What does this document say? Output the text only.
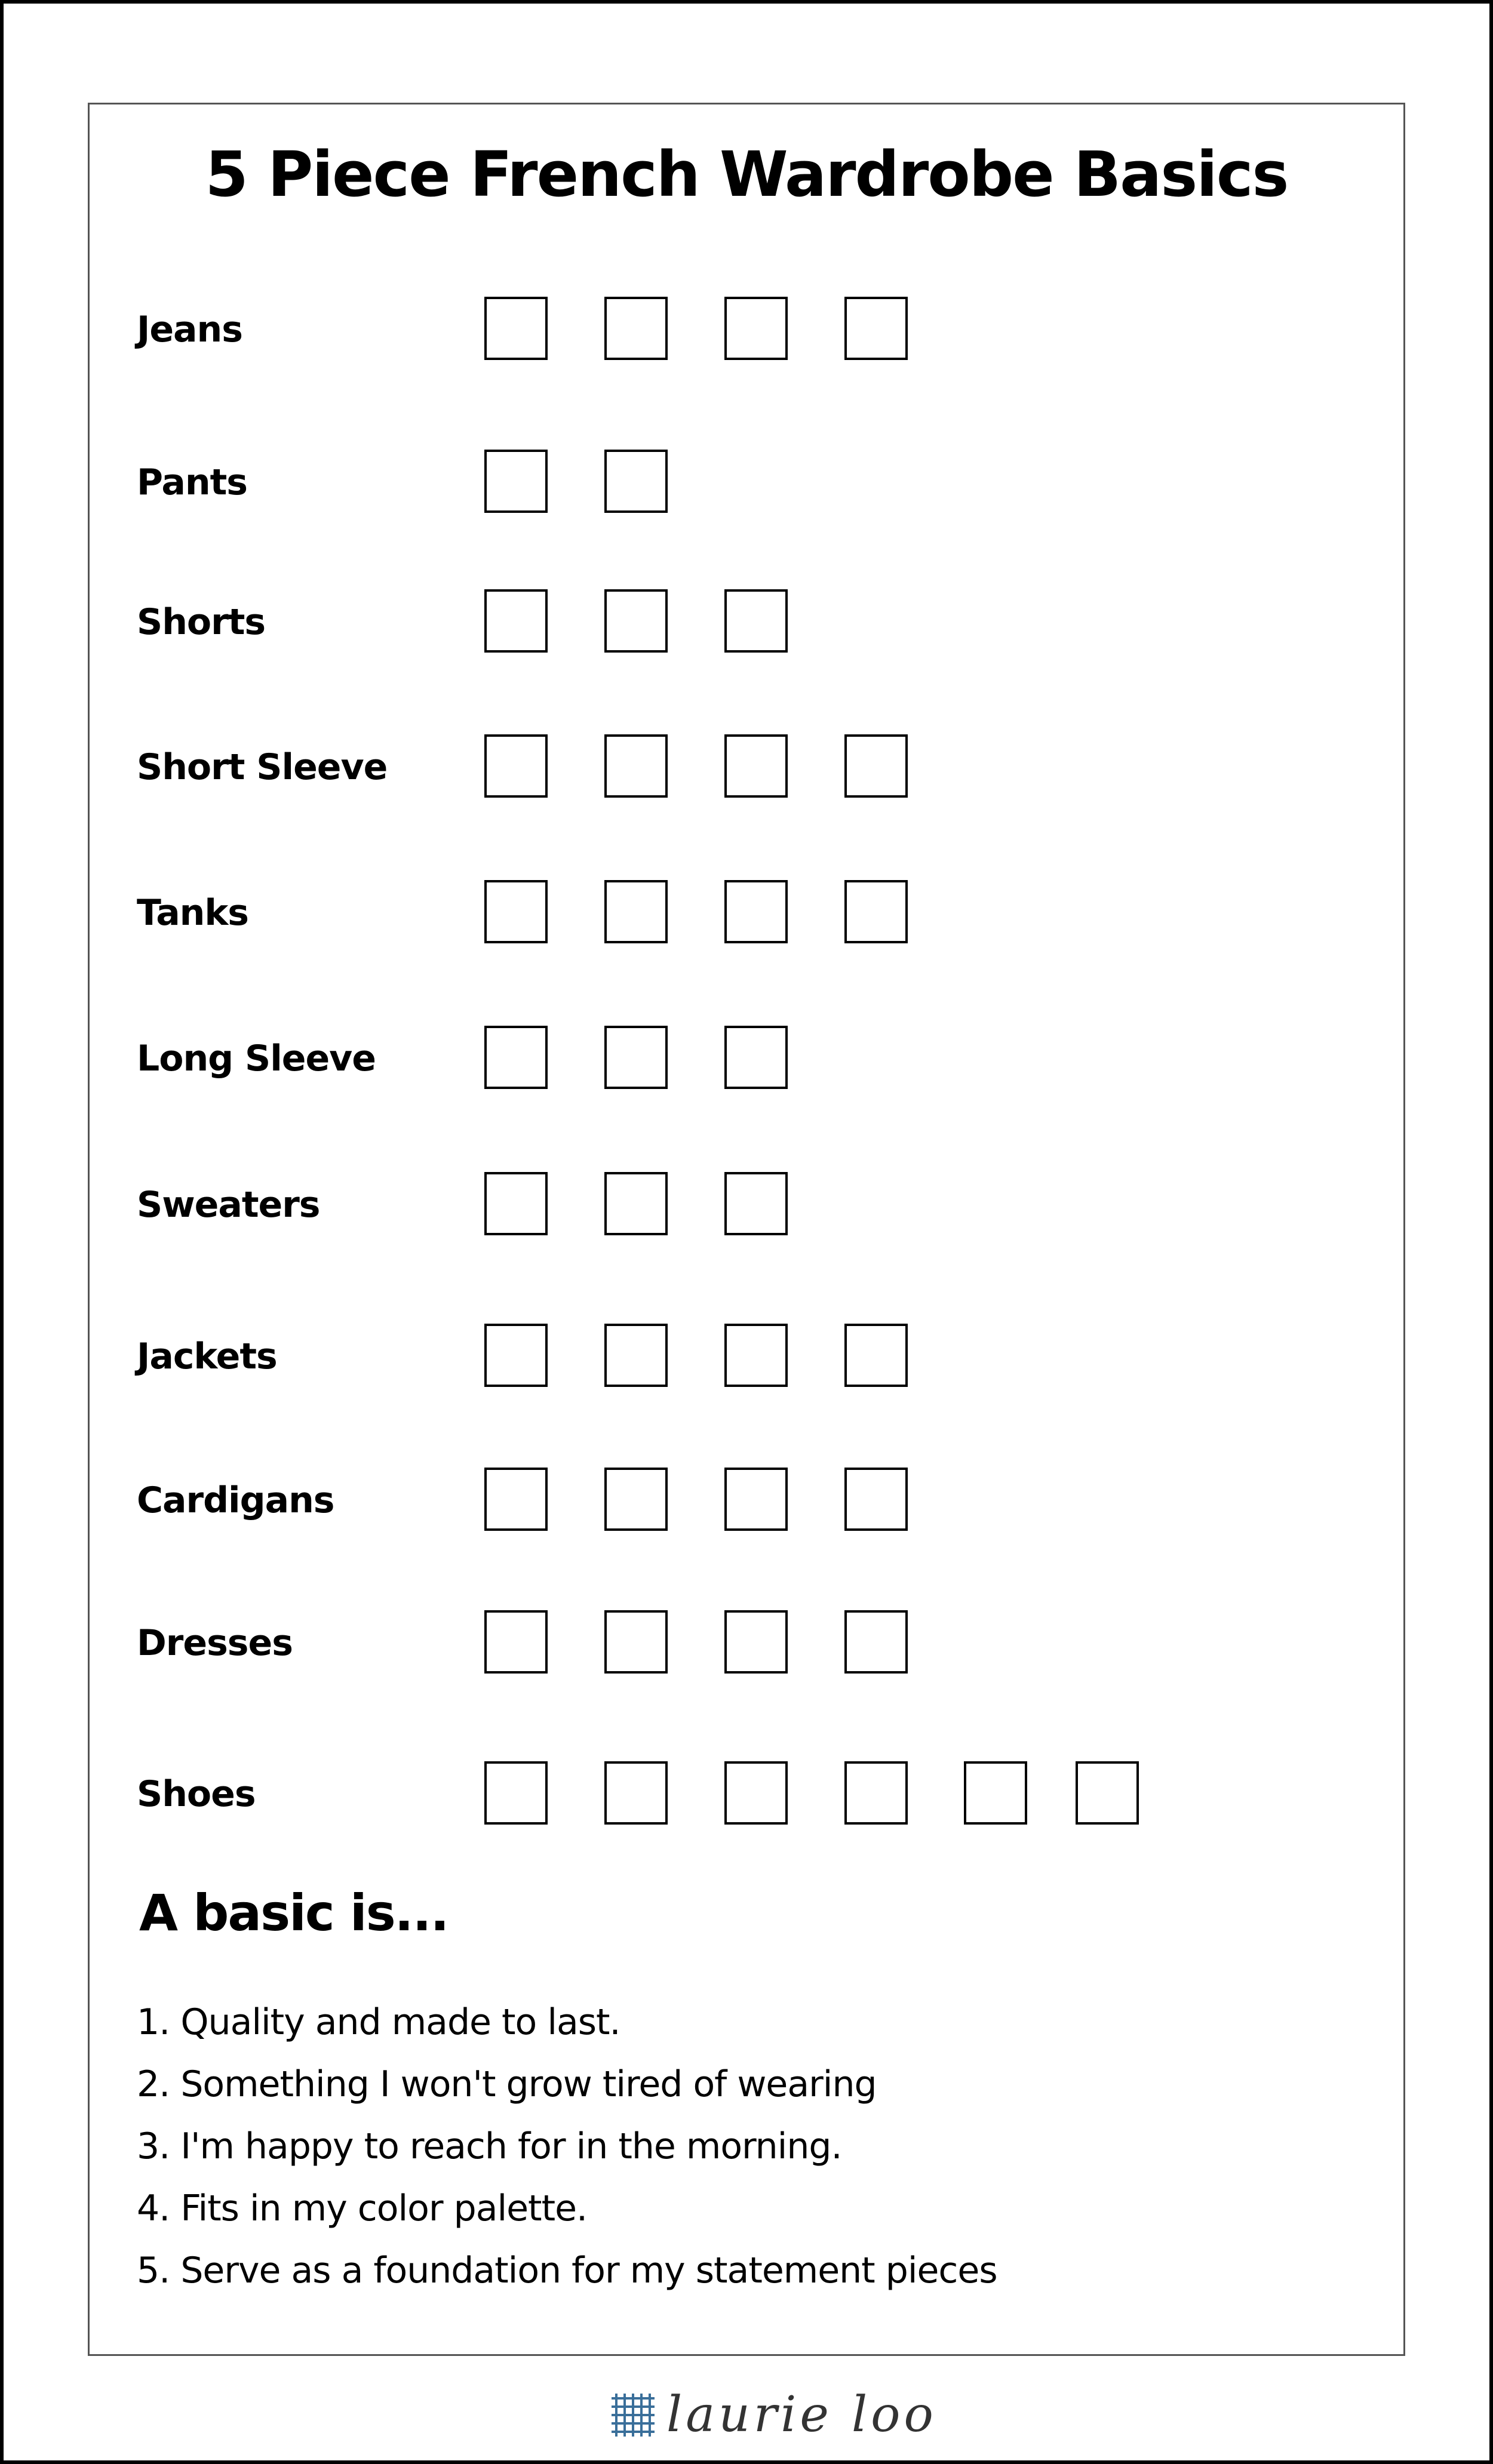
5 Piece French Wardrobe Basics
Jeans
Pants
Shorts
Short Sleeve
Tanks
Long Sleeve
Sweaters
Jackets
Cardigans
Dresses
Shoes
A basic is...
1. Quality and made to last.
2. Something I won't grow tired of wearing
3. I'm happy to reach for in the morning.
4. Fits in my color palette.
5. Serve as a foundation for my statement pieces
laurie loo
